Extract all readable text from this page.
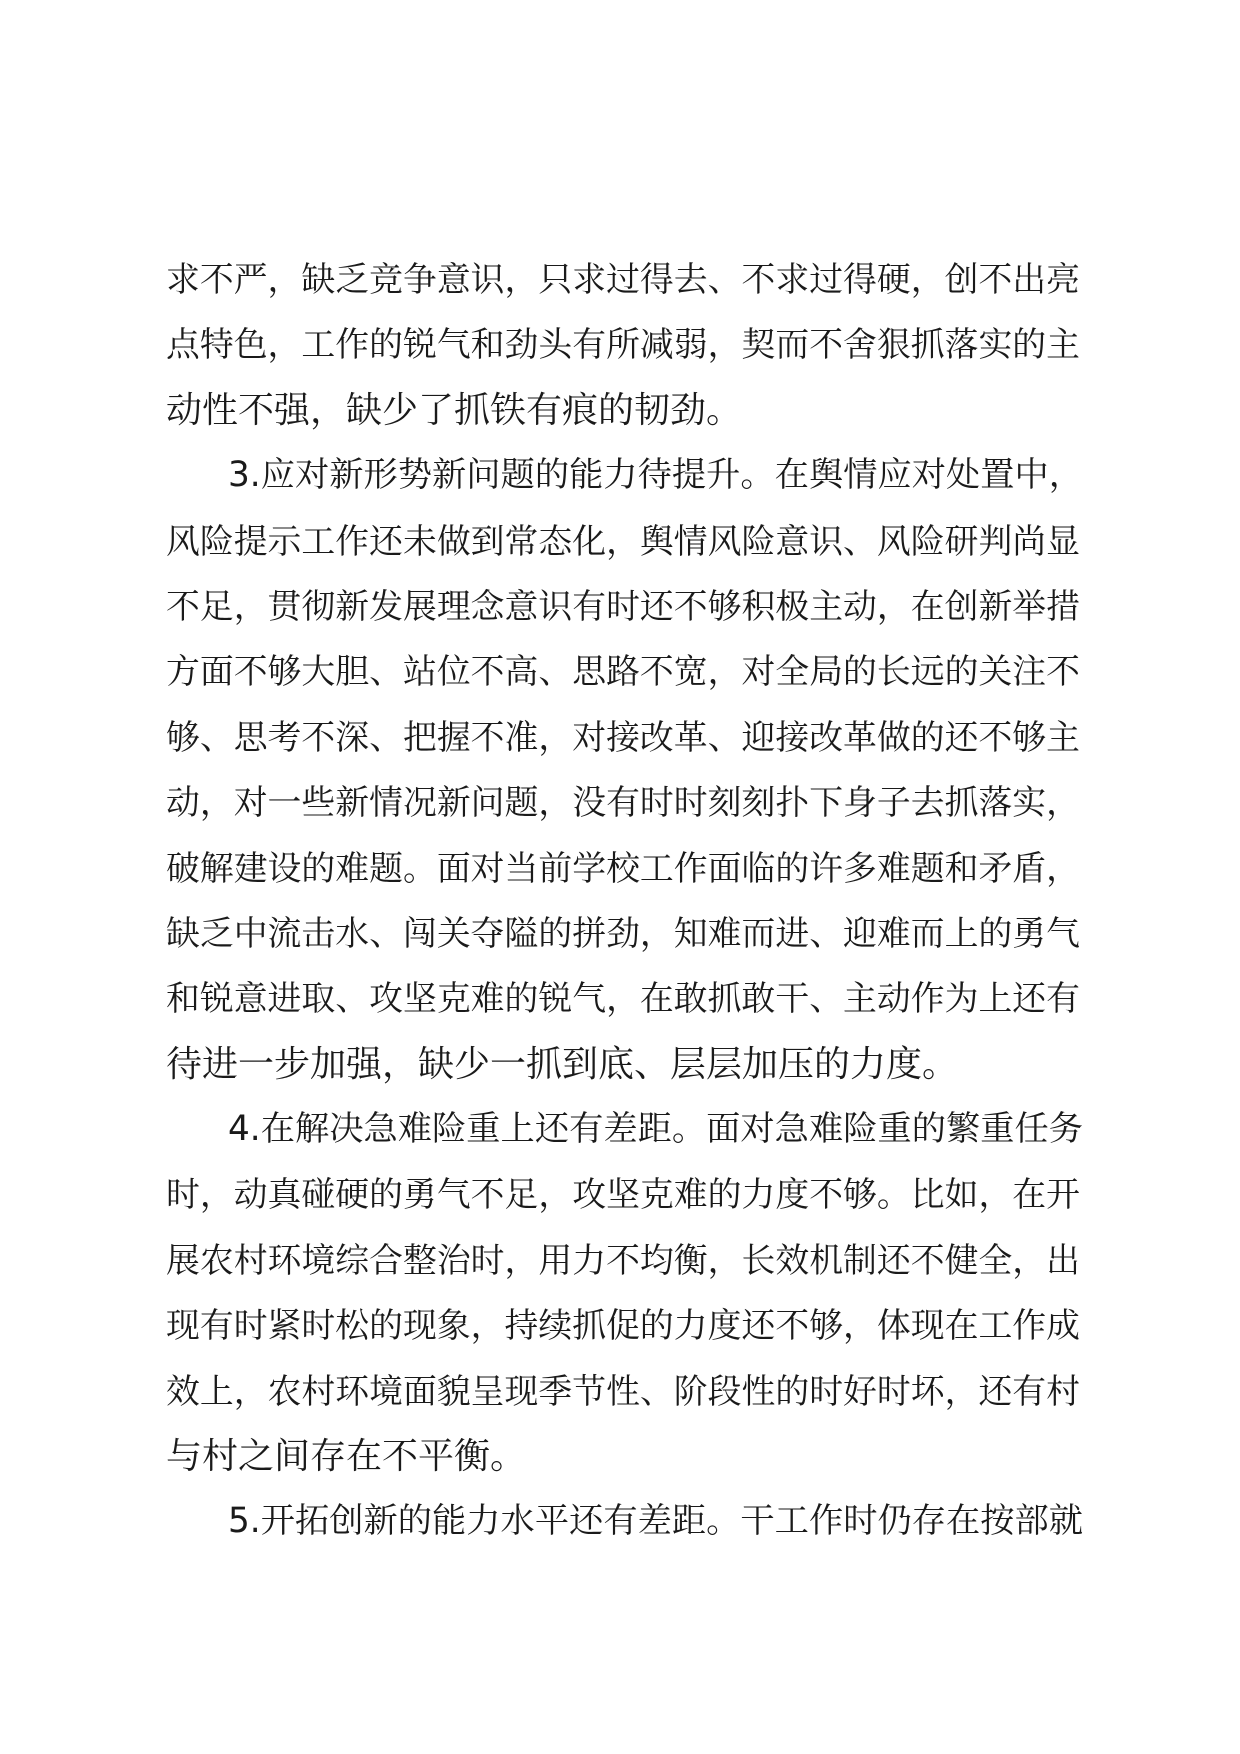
求不严，缺乏竞争意识，只求过得去、不求过得硬，创不出亮
点特色，工作的锐气和劲头有所减弱，契而不舍狠抓落实的主
动性不强，缺少了抓铁有痕的韧劲。
3.应对新形势新问题的能力待提升。在舆情应对处置中，
风险提示工作还未做到常态化，舆情风险意识、风险研判尚显
不足，贯彻新发展理念意识有时还不够积极主动，在创新举措
方面不够大胆、站位不高、思路不宽，对全局的长远的关注不
够、思考不深、把握不准，对接改革、迎接改革做的还不够主
动，对一些新情况新问题，没有时时刻刻扑下身子去抓落实，
破解建设的难题。面对当前学校工作面临的许多难题和矛盾，
缺乏中流击水、闯关夺隘的拼劲，知难而进、迎难而上的勇气
和锐意进取、攻坚克难的锐气，在敢抓敢干、主动作为上还有
待进一步加强，缺少一抓到底、层层加压的力度。
4.在解决急难险重上还有差距。面对急难险重的繁重任务
时，动真碰硬的勇气不足，攻坚克难的力度不够。比如，在开
展农村环境综合整治时，用力不均衡，长效机制还不健全，出
现有时紧时松的现象，持续抓促的力度还不够，体现在工作成
效上，农村环境面貌呈现季节性、阶段性的时好时坏，还有村
与村之间存在不平衡。
5.开拓创新的能力水平还有差距。干工作时仍存在按部就
